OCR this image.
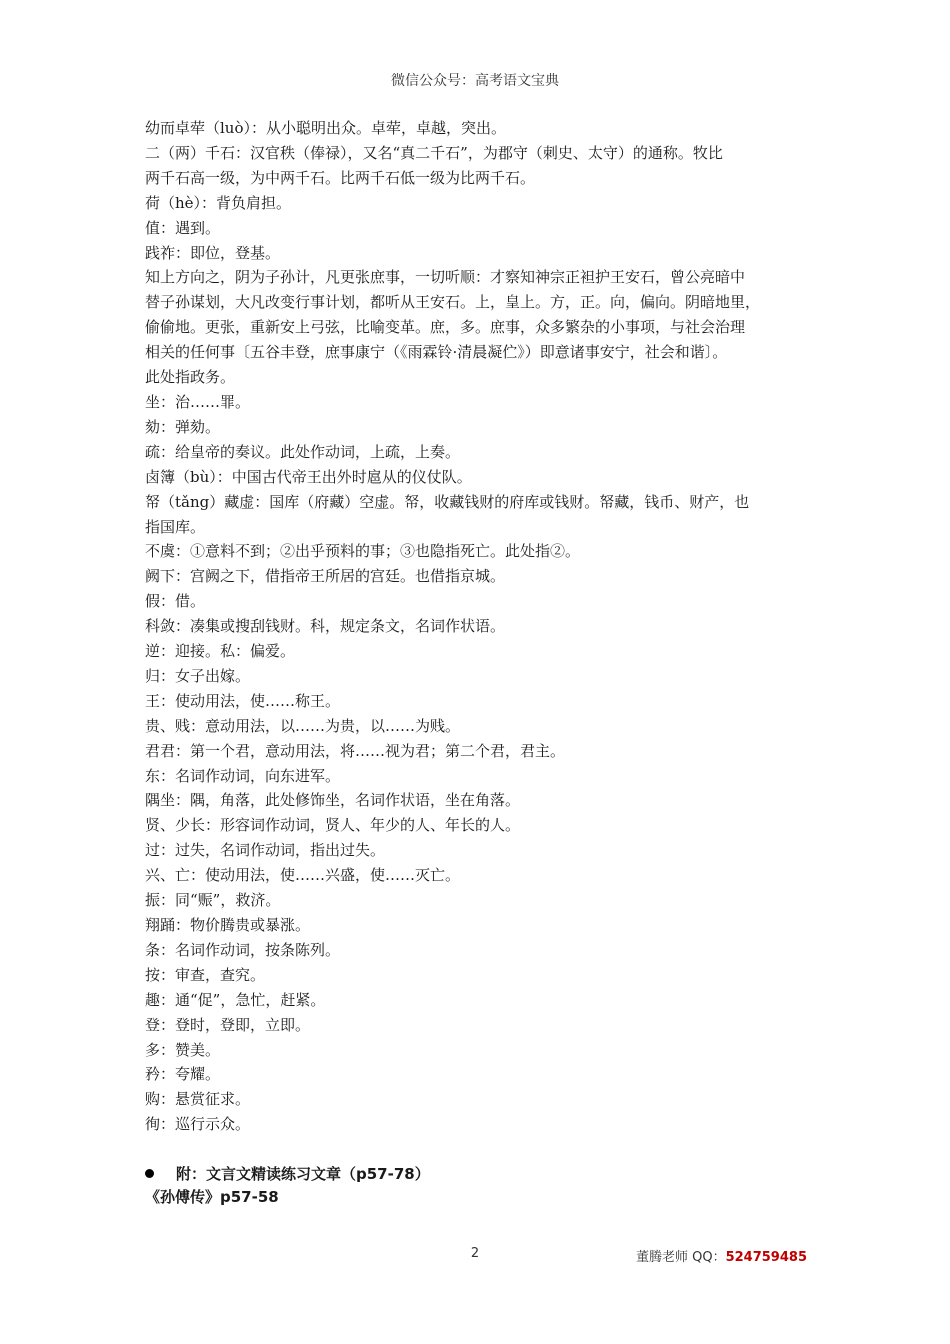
微信公众号：高考语文宝典
幼而卓荦（luò）：从小聪明出众。卓荦，卓越，突出。
二（两）千石：汉官秩（俸禄），又名“真二千石”，为郡守（刺史、太守）的通称。牧比
两千石高一级，为中两千石。比两千石低一级为比两千石。
荷（hè）：背负肩担。
值：遇到。
践祚：即位，登基。
知上方向之，阴为子孙计，凡更张庶事，一切听顺：才察知神宗正袒护王安石，曾公亮暗中
替子孙谋划，大凡改变行事计划，都听从王安石。上，皇上。方，正。向，偏向。阴暗地里，
偷偷地。更张，重新安上弓弦，比喻变革。庶，多。庶事，众多繁杂的小事项，与社会治理
相关的任何事〔五谷丰登，庶事康宁（《雨霖铃·清晨凝伫》）即意诸事安宁，社会和谐〕。
此处指政务。
坐：治……罪。
劾：弹劾。
疏：给皇帝的奏议。此处作动词，上疏，上奏。
卤簿（bù）：中国古代帝王出外时扈从的仪仗队。
帑（tǎng）藏虚：国库（府藏）空虚。帑，收藏钱财的府库或钱财。帑藏，钱币、财产，也
指国库。
不虞：①意料不到；②出乎预料的事；③也隐指死亡。此处指②。
阙下：宫阙之下，借指帝王所居的宫廷。也借指京城。
假：借。
科敛：凑集或搜刮钱财。科，规定条文，名词作状语。
逆：迎接。私：偏爱。
归：女子出嫁。
王：使动用法，使……称王。
贵、贱：意动用法，以……为贵，以……为贱。
君君：第一个君，意动用法，将……视为君；第二个君，君主。
东：名词作动词，向东进军。
隅坐：隅，角落，此处修饰坐，名词作状语，坐在角落。
贤、少长：形容词作动词，贤人、年少的人、年长的人。
过：过失，名词作动词，指出过失。
兴、亡：使动用法，使……兴盛，使……灭亡。
振：同“赈”，救济。
翔踊：物价腾贵或暴涨。
条：名词作动词，按条陈列。
按：审查，查究。
趣：通“促”，急忙，赶紧。
登：登时，登即，立即。
多：赞美。
矜：夸耀。
购：悬赏征求。
徇：巡行示众。
附：文言文精读练习文章（p57-78）
《孙傅传》p57-58
2	董腾老师 QQ：524759485
